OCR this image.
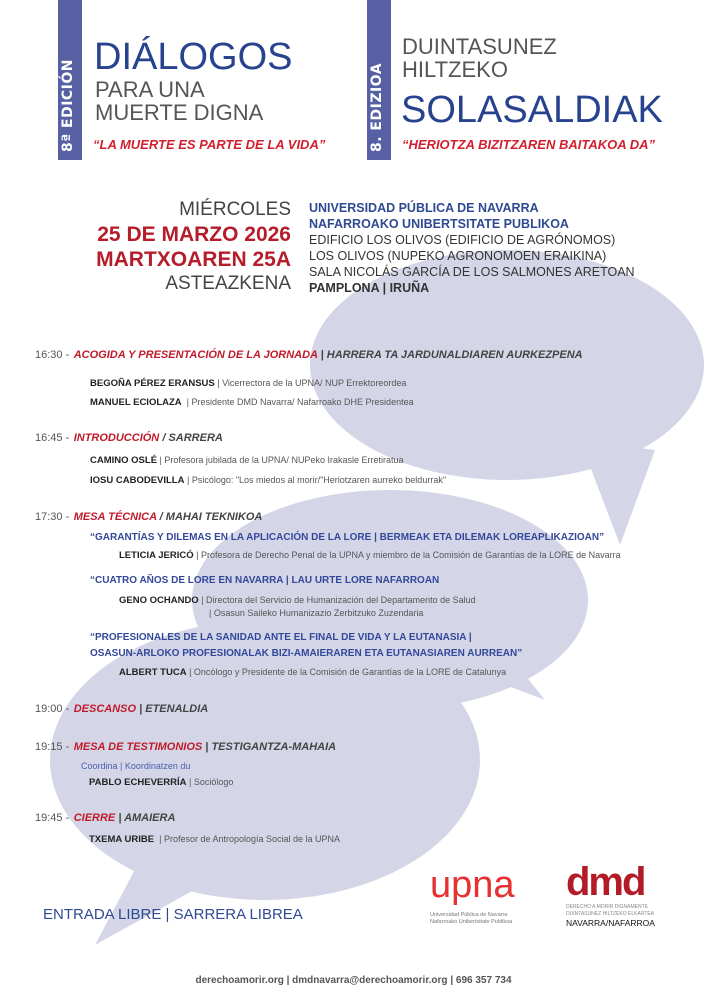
8ª EDICIÓN
DIÁLOGOS
PARA UNA
MUERTE DIGNA
“LA MUERTE ES PARTE DE LA VIDA”	8. EDIZIOA
DUINTASUNEZ
HILTZEKO
SOLASALDIAK
“HERIOTZA BIZITZAREN BAITAKOA DA”
MIÉRCOLES
25 DE MARZO 2026
MARTXOAREN 25A
ASTEAZKENA
UNIVERSIDAD PÚBLICA DE NAVARRA
NAFARROAKO UNIBERTSITATE PUBLIKOA
EDIFICIO LOS OLIVOS (EDIFICIO DE AGRÓNOMOS)
LOS OLIVOS (NUPEKO AGRONOMOEN ERAIKINA)
SALA NICOLÁS GARCÍA DE LOS SALMONES ARETOAN
PAMPLONA | IRUÑA
16:30 - ACOGIDA Y PRESENTACIÓN DE LA JORNADA | HARRERA TA JARDUNALDIAREN AURKEZPENA
BEGOÑA PÉREZ ERANSUS | Vicerrectora de la UPNA/ NUP Errektoreordea
MANUEL ECIOLAZA  | Presidente DMD Navarra/ Nafarroako DHE Presidentea
16:45 - INTRODUCCIÓN / SARRERA
CAMINO OSLÉ | Profesora jubilada de la UPNA/ NUPeko Irakasle Erretiratua
IOSU CABODEVILLA | Psicólogo: "Los miedos al morir/"Heriotzaren aurreko beldurrak"
17:30 - MESA TÉCNICA / MAHAI TEKNIKOA
“GARANTÍAS Y DILEMAS EN LA APLICACIÓN DE LA LORE | BERMEAK ETA DILEMAK LOREAPLIKAZIOAN”
LETICIA JERICÓ | Profesora de Derecho Penal de la UPNA y miembro de la Comisión de Garantías de la LORE de Navarra
“CUATRO AÑOS DE LORE EN NAVARRA | LAU URTE LORE NAFARROAN
GENO OCHANDO | Directora del Servicio de Humanización del Departamento de Salud
| Osasun Saileko Humanizazio Zerbitzuko Zuzendaria
“PROFESIONALES DE LA SANIDAD ANTE EL FINAL DE VIDA Y LA EUTANASIA |
OSASUN-ARLOKO PROFESIONALAK BIZI-AMAIERAREN ETA EUTANASIAREN AURREAN”
ALBERT TUCA | Oncólogo y Presidente de la Comisión de Garantías de la LORE de Catalunya
19:00 - DESCANSO | ETENALDIA
19:15 - MESA DE TESTIMONIOS | TESTIGANTZA-MAHAIA
Coordina | Koordinatzen du
PABLO ECHEVERRÍA | Sociólogo
19:45 - CIERRE | AMAIERA
TXEMA URIBE  | Profesor de Antropología Social de la UPNA
ENTRADA LIBRE | SARRERA LIBREA
upna
Universidad Pública de Navarra
Nafarroako Unibertsitate Publikoa
dmd
DERECHO A MORIR DIGNAMENTE
DUINTASUNEZ HILTZEKO ELKARTEA
NAVARRA/NAFARROA
derechoamorir.org | dmdnavarra@derechoamorir.org | 696 357 734
